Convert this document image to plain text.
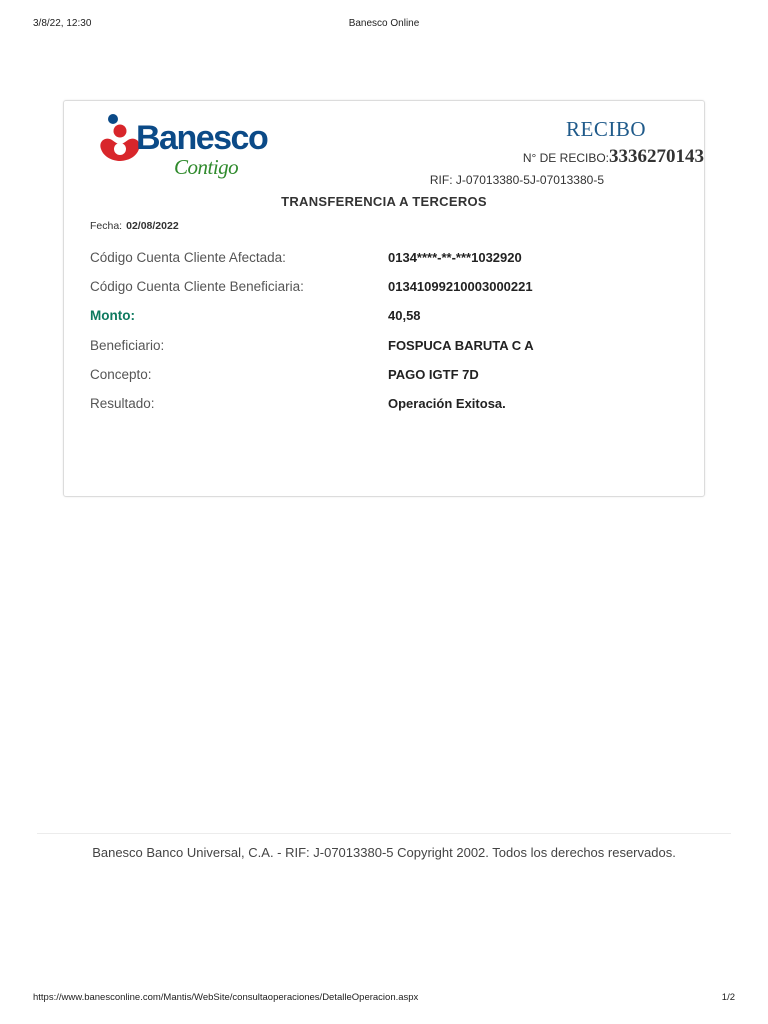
3/8/22, 12:30	Banesco Online
Banesco
Contigo
RECIBO
N° DE RECIBO:3336270143
RIF: J-07013380-5J-07013380-5
TRANSFERENCIA A TERCEROS
Fecha: 02/08/2022
Código Cuenta Cliente Afectada:	0134****-**-***1032920
Código Cuenta Cliente Beneficiaria:	01341099210003000221
Monto:	40,58
Beneficiario:	FOSPUCA BARUTA C A
Concepto:	PAGO IGTF 7D
Resultado:	Operación Exitosa.
Banesco Banco Universal, C.A. - RIF: J-07013380-5 Copyright 2002. Todos los derechos reservados.
https://www.banesconline.com/Mantis/WebSite/consultaoperaciones/DetalleOperacion.aspx	1/2
